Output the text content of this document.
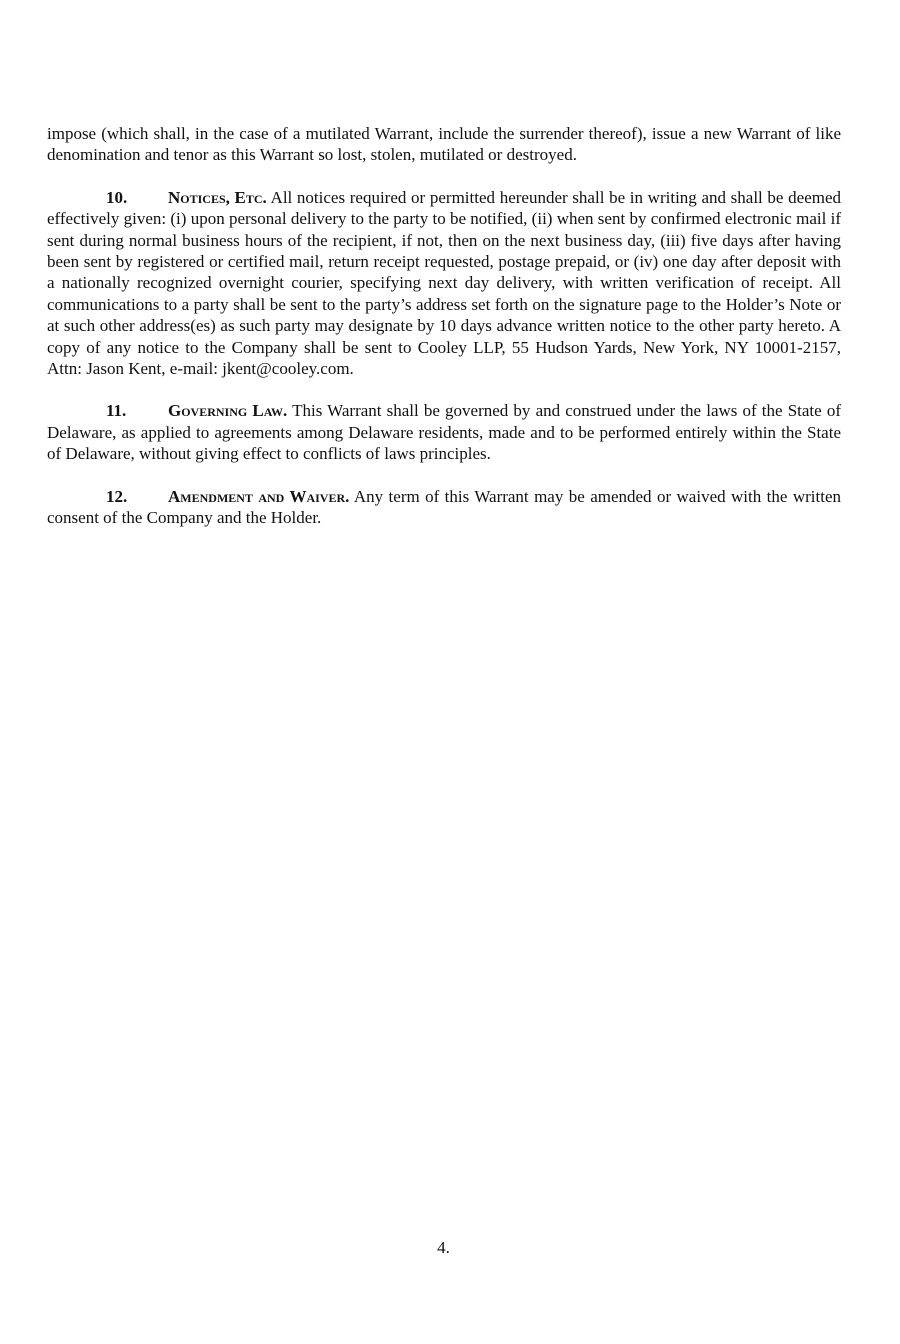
impose (which shall, in the case of a mutilated Warrant, include the surrender thereof), issue a new Warrant of like denomination and tenor as this Warrant so lost, stolen, mutilated or destroyed.

10. Notices, Etc. All notices required or permitted hereunder shall be in writing and shall be deemed effectively given: (i) upon personal delivery to the party to be notified, (ii) when sent by confirmed electronic mail if sent during normal business hours of the recipient, if not, then on the next business day, (iii) five days after having been sent by registered or certified mail, return receipt requested, postage prepaid, or (iv) one day after deposit with a nationally recognized overnight courier, specifying next day delivery, with written verification of receipt. All communications to a party shall be sent to the party’s address set forth on the signature page to the Holder’s Note or at such other address(es) as such party may designate by 10 days advance written notice to the other party hereto. A copy of any notice to the Company shall be sent to Cooley LLP, 55 Hudson Yards, New York, NY 10001-2157, Attn: Jason Kent, e-mail: jkent@cooley.com.

11. Governing Law. This Warrant shall be governed by and construed under the laws of the State of Delaware, as applied to agreements among Delaware residents, made and to be performed entirely within the State of Delaware, without giving effect to conflicts of laws principles.

12. Amendment and Waiver. Any term of this Warrant may be amended or waived with the written consent of the Company and the Holder.

4.
